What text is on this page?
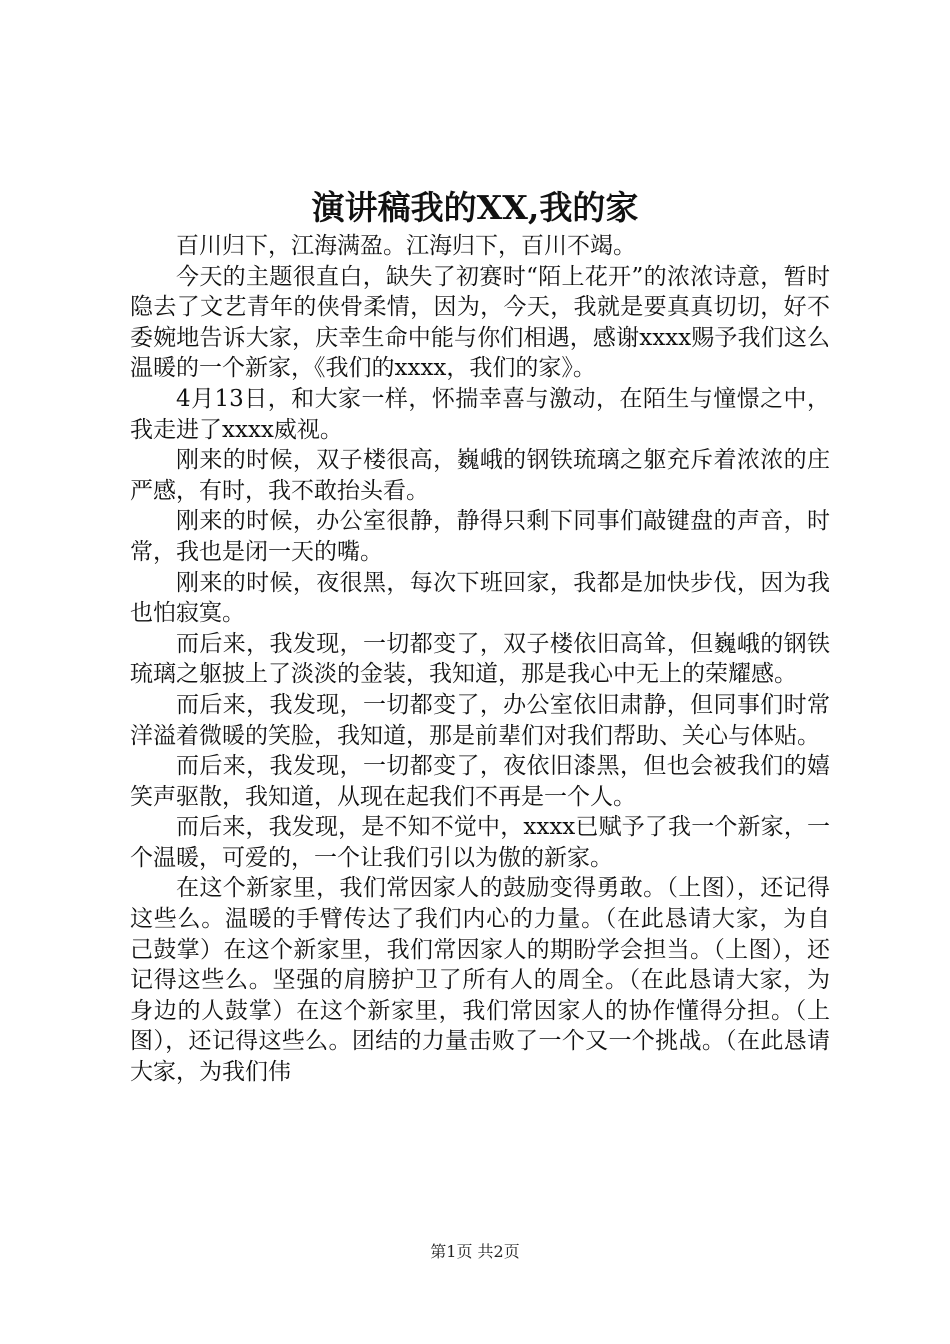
演讲稿我的XX,我的家

百川归下，江海满盈。江海归下，百川不竭。

今天的主题很直白，缺失了初赛时“陌上花开”的浓浓诗意，暂时隐去了文艺青年的侠骨柔情，因为，今天，我就是要真真切切，好不委婉地告诉大家，庆幸生命中能与你们相遇，感谢xxxx赐予我们这么温暖的一个新家，《我们的xxxx，我们的家》。

4月13日，和大家一样，怀揣幸喜与激动，在陌生与憧憬之中，我走进了xxxx威视。

刚来的时候，双子楼很高，巍峨的钢铁琉璃之躯充斥着浓浓的庄严感，有时，我不敢抬头看。

刚来的时候，办公室很静，静得只剩下同事们敲键盘的声音，时常，我也是闭一天的嘴。

刚来的时候，夜很黑，每次下班回家，我都是加快步伐，因为我也怕寂寞。

而后来，我发现，一切都变了，双子楼依旧高耸，但巍峨的钢铁琉璃之躯披上了淡淡的金装，我知道，那是我心中无上的荣耀感。

而后来，我发现，一切都变了，办公室依旧肃静，但同事们时常洋溢着微暖的笑脸，我知道，那是前辈们对我们帮助、关心与体贴。

而后来，我发现，一切都变了，夜依旧漆黑，但也会被我们的嬉笑声驱散，我知道，从现在起我们不再是一个人。

而后来，我发现，是不知不觉中，xxxx已赋予了我一个新家，一个温暖，可爱的，一个让我们引以为傲的新家。

在这个新家里，我们常因家人的鼓励变得勇敢。（上图），还记得这些么。温暖的手臂传达了我们内心的力量。（在此恳请大家，为自己鼓掌）在这个新家里，我们常因家人的期盼学会担当。（上图），还记得这些么。坚强的肩膀护卫了所有人的周全。（在此恳请大家，为身边的人鼓掌）在这个新家里，我们常因家人的协作懂得分担。（上图），还记得这些么。团结的力量击败了一个又一个挑战。（在此恳请大家，为我们伟

第1页 共2页
